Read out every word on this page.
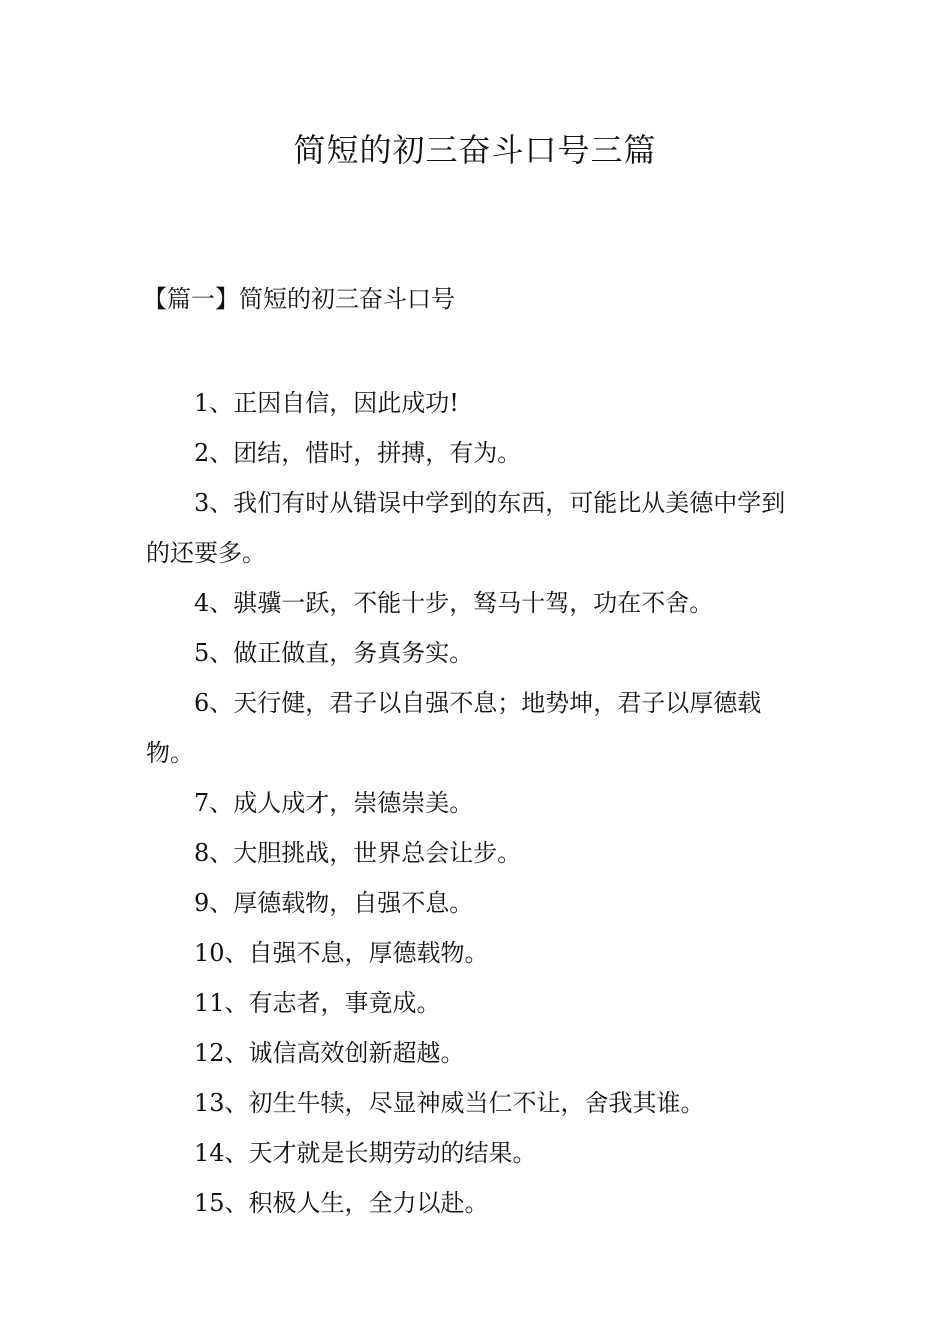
简短的初三奋斗口号三篇
【篇一】简短的初三奋斗口号
1、正因自信，因此成功!
2、团结，惜时，拼搏，有为。
3、我们有时从错误中学到的东西，可能比从美德中学到的还要多。
4、骐骥一跃，不能十步，驽马十驾，功在不舍。
5、做正做直，务真务实。
6、天行健，君子以自强不息；地势坤，君子以厚德载物。
7、成人成才，崇德崇美。
8、大胆挑战，世界总会让步。
9、厚德载物，自强不息。
10、自强不息，厚德载物。
11、有志者，事竟成。
12、诚信高效创新超越。
13、初生牛犊，尽显神威当仁不让，舍我其谁。
14、天才就是长期劳动的结果。
15、积极人生，全力以赴。
